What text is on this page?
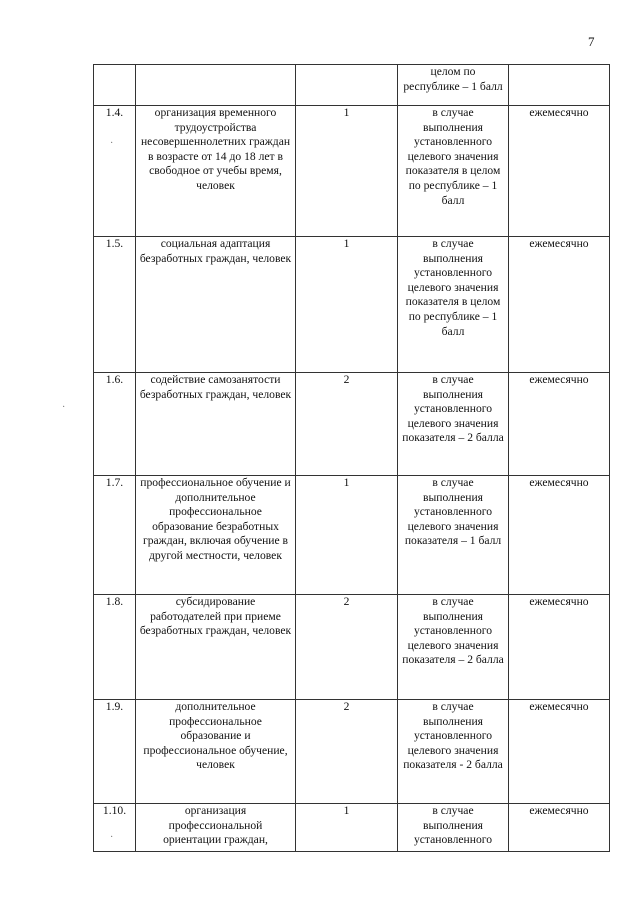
7
			целом по республике – 1 балл	
1.4.	организация временного трудоустройства несовершеннолетних граждан в возрасте от 14 до 18 лет в свободное от учебы время, человек	1	в случае выполнения установленного целевого значения показателя в целом по республике – 1 балл	ежемесячно
1.5.	социальная адаптация безработных граждан, человек	1	в случае выполнения установленного целевого значения показателя в целом по республике – 1 балл	ежемесячно
1.6.	содействие самозанятости безработных граждан, человек	2	в случае выполнения установленного целевого значения показателя – 2 балла	ежемесячно
1.7.	профессиональное обучение и дополнительное профессиональное образование безработных граждан, включая обучение в другой местности, человек	1	в случае выполнения установленного целевого значения показателя – 1 балл	ежемесячно
1.8.	субсидирование работодателей при приеме безработных граждан, человек	2	в случае выполнения установленного целевого значения показателя – 2 балла	ежемесячно
1.9.	дополнительное профессиональное образование и профессиональное обучение, человек	2	в случае выполнения установленного целевого значения показателя - 2 балла	ежемесячно
1.10.	организация профессиональной ориентации граждан,	1	в случае выполнения установленного	ежемесячно
·
·
·
